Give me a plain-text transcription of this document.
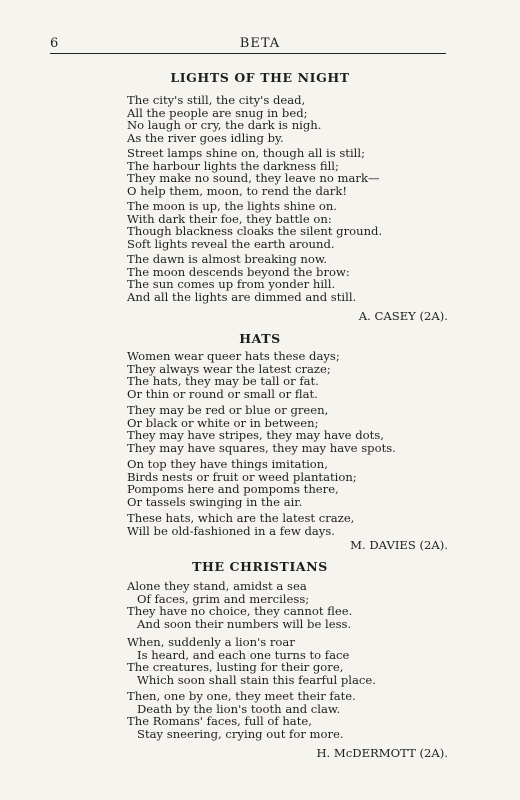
6	BETA
LIGHTS OF THE NIGHT
The city's still, the city's dead,
All the people are snug in bed;
No laugh or cry, the dark is nigh.
As the river goes idling by.
Street lamps shine on, though all is still;
The harbour lights the darkness fill;
They make no sound, they leave no mark—
O help them, moon, to rend the dark!
The moon is up, the lights shine on.
With dark their foe, they battle on:
Though blackness cloaks the silent ground.
Soft lights reveal the earth around.
The dawn is almost breaking now.
The moon descends beyond the brow:
The sun comes up from yonder hill.
And all the lights are dimmed and still.
A. CASEY (2A).
HATS
Women wear queer hats these days;
They always wear the latest craze;
The hats, they may be tall or fat.
Or thin or round or small or flat.
They may be red or blue or green,
Or black or white or in between;
They may have stripes, they may have dots,
They may have squares, they may have spots.
On top they have things imitation,
Birds nests or fruit or weed plantation;
Pompoms here and pompoms there,
Or tassels swinging in the air.
These hats, which are the latest craze,
Will be old-fashioned in a few days.
M. DAVIES (2A).
THE CHRISTIANS
Alone they stand, amidst a sea
Of faces, grim and merciless;
They have no choice, they cannot flee.
And soon their numbers will be less.
When, suddenly a lion's roar
Is heard, and each one turns to face
The creatures, lusting for their gore,
Which soon shall stain this fearful place.
Then, one by one, they meet their fate.
Death by the lion's tooth and claw.
The Romans' faces, full of hate,
Stay sneering, crying out for more.
H. McDERMOTT (2A).
